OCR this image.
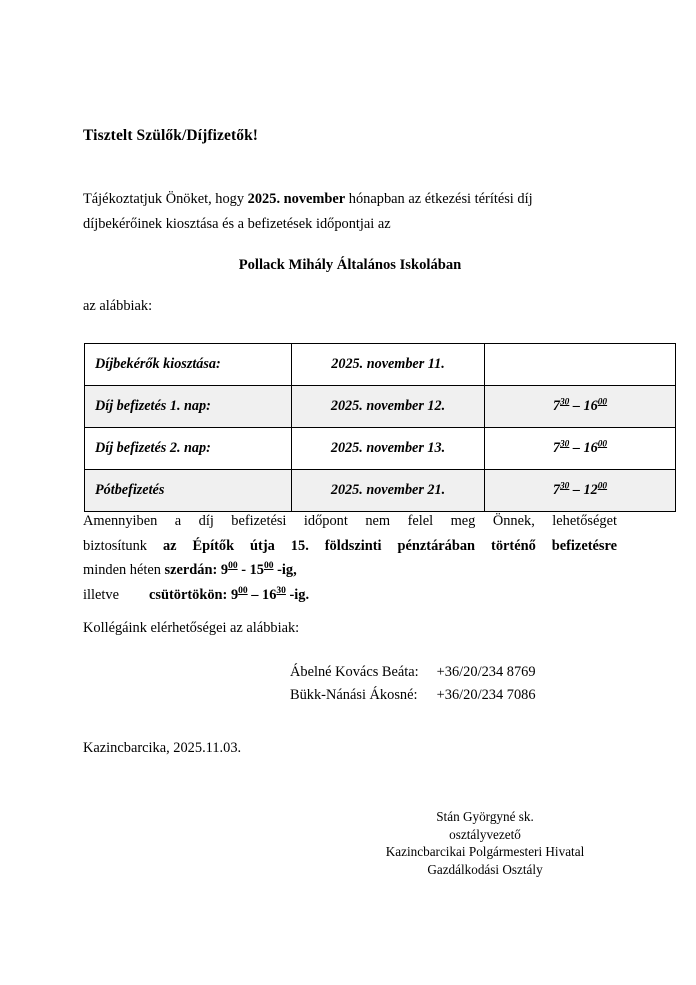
Tisztelt Szülők/Díjfizetők!
Tájékoztatjuk Önöket, hogy 2025. november hónapban az étkezési térítési díj
díjbekérőinek kiosztása és a befizetések időpontjai az
Pollack Mihály Általános Iskolában
az alábbiak:
Díjbekérők kiosztása:	2025. november 11.	
Díj befizetés 1. nap:	2025. november 12.	$7^{30} - 16^{00}$
Díj befizetés 2. nap:	2025. november 13.	$7^{30} - 16^{00}$
Pótbefizetés	2025. november 21.	$7^{30} - 12^{00}$
Amennyiben a díj befizetési időpont nem felel meg Önnek, lehetőséget
biztosítunk az Építők útja 15. földszinti pénztárában történő befizetésre
minden héten szerdán: $9^{00} - 15^{00}$ -ig,
illetve csütörtökön: $9^{00} - 16^{30}$ -ig.
Kollégáink elérhetőségei az alábbiak:
Ábelné Kovács Beáta:	+36/20/234 8769
Bükk-Nánási Ákosné:	+36/20/234 7086
Kazincbarcika, 2025.11.03.
Stán Györgyné sk.
osztályvezető
Kazincbarcikai Polgármesteri Hivatal
Gazdálkodási Osztály
